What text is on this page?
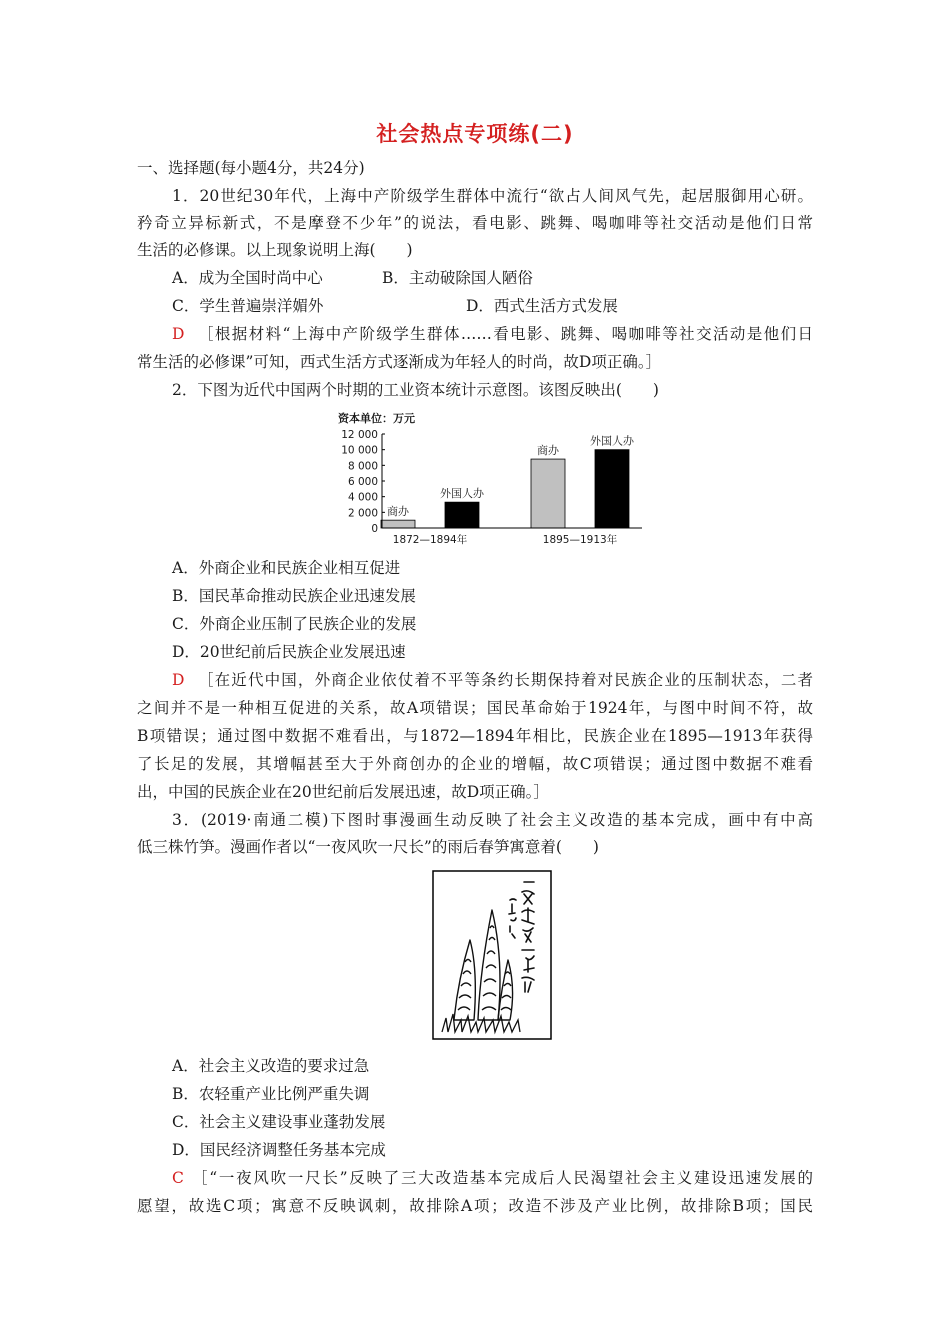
社会热点专项练(二)
一、选择题(每小题4分，共24分)
1．20世纪30年代，上海中产阶级学生群体中流行“欲占人间风气先，起居服御用心研。
矜奇立异标新式，不是摩登不少年”的说法，看电影、跳舞、喝咖啡等社交活动是他们日常
生活的必修课。以上现象说明上海(　　)
A．成为全国时尚中心	B．主动破除国人陋俗
C．学生普遍崇洋媚外	D．西式生活方式发展
D ［根据材料“上海中产阶级学生群体……看电影、跳舞、喝咖啡等社交活动是他们日
常生活的必修课”可知，西式生活方式逐渐成为年轻人的时尚，故D项正确。］
2．下图为近代中国两个时期的工业资本统计示意图。该图反映出(　　)
资本单位：万元
12 000
10 000
8 000
6 000
4 000
2 000
0
商办
外国人办
商办
外国人办
1872—1894年	1895—1913年
A．外商企业和民族企业相互促进
B．国民革命推动民族企业迅速发展
C．外商企业压制了民族企业的发展
D．20世纪前后民族企业发展迅速
D ［在近代中国，外商企业依仗着不平等条约长期保持着对民族企业的压制状态，二者
之间并不是一种相互促进的关系，故A项错误；国民革命始于1924年，与图中时间不符，故
B项错误；通过图中数据不难看出，与1872—1894年相比，民族企业在1895—1913年获得
了长足的发展，其增幅甚至大于外商创办的企业的增幅，故C项错误；通过图中数据不难看
出，中国的民族企业在20世纪前后发展迅速，故D项正确。］
3．(2019·南通二模)下图时事漫画生动反映了社会主义改造的基本完成，画中有中高
低三株竹笋。漫画作者以“一夜风吹一尺长”的雨后春笋寓意着(　　)
A．社会主义改造的要求过急
B．农轻重产业比例严重失调
C．社会主义建设事业蓬勃发展
D．国民经济调整任务基本完成
C ［“一夜风吹一尺长”反映了三大改造基本完成后人民渴望社会主义建设迅速发展的
愿望，故选C项；寓意不反映讽刺，故排除A项；改造不涉及产业比例，故排除B项；国民
